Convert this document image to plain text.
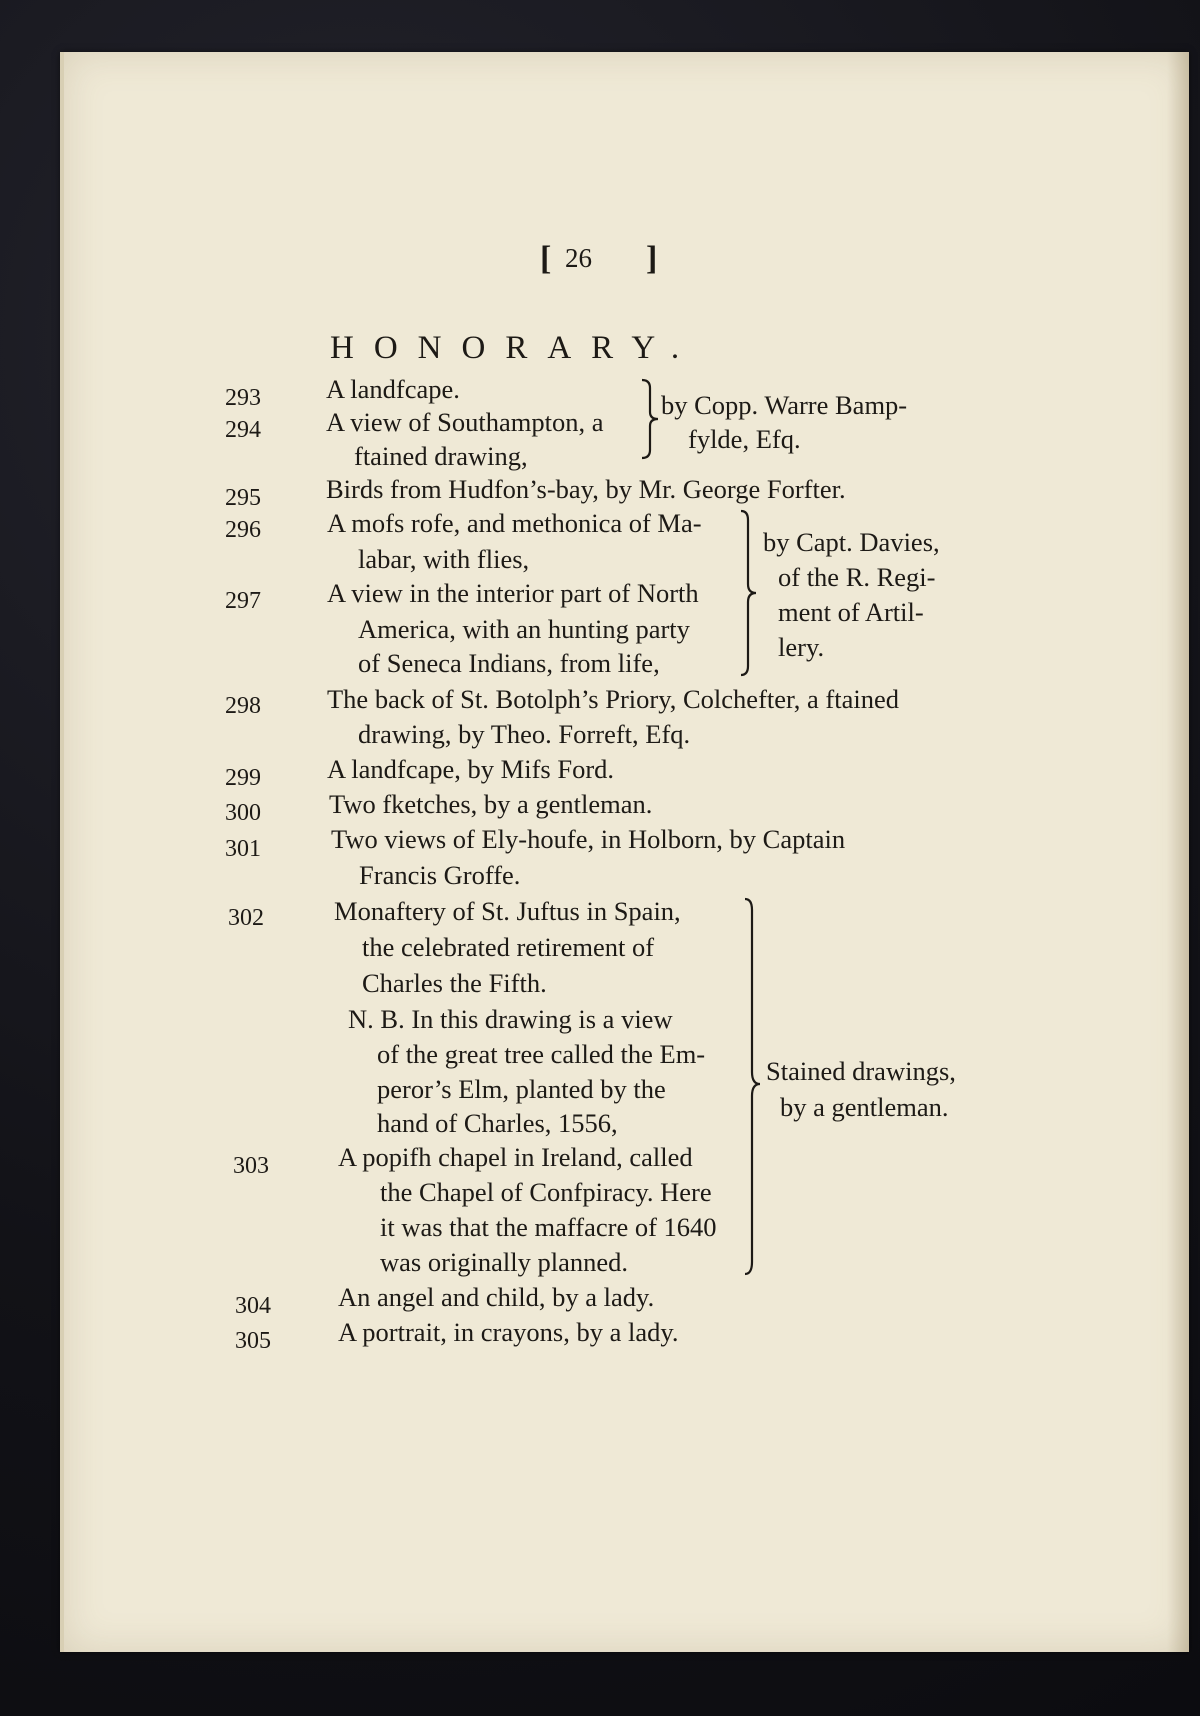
[ 26 ]
HONORARY.
293 A landfcape.
294 A view of Southampton, a
ftained drawing,
by Copp. Warre Bamp-
fylde, Efq.
295 Birds from Hudfon’s-bay, by Mr. George Forfter.
296 A mofs rofe, and methonica of Ma-
labar, with flies,
297 A view in the interior part of North
America, with an hunting party
of Seneca Indians, from life,
by Capt. Davies,
of the R. Regi-
ment of Artil-
lery.
298 The back of St. Botolph’s Priory, Colchefter, a ftained
drawing, by Theo. Forreft, Efq.
299 A landfcape, by Mifs Ford.
300	Two fketches, by a gentleman.
301	Two views of Ely-houfe, in Holborn, by Captain
Francis Groffe.
302	Monaftery of St. Juftus in Spain,
the celebrated retirement of
Charles the Fifth.
N. B. In this drawing is a view
of the great tree called the Em-
peror’s Elm, planted by the
hand of Charles, 1556,
303	A popifh chapel in Ireland, called
the Chapel of Confpiracy. Here
it was that the maffacre of 1640
was originally planned.
Stained drawings,
by a gentleman.
304	An angel and child, by a lady.
305	A portrait, in crayons, by a lady.
